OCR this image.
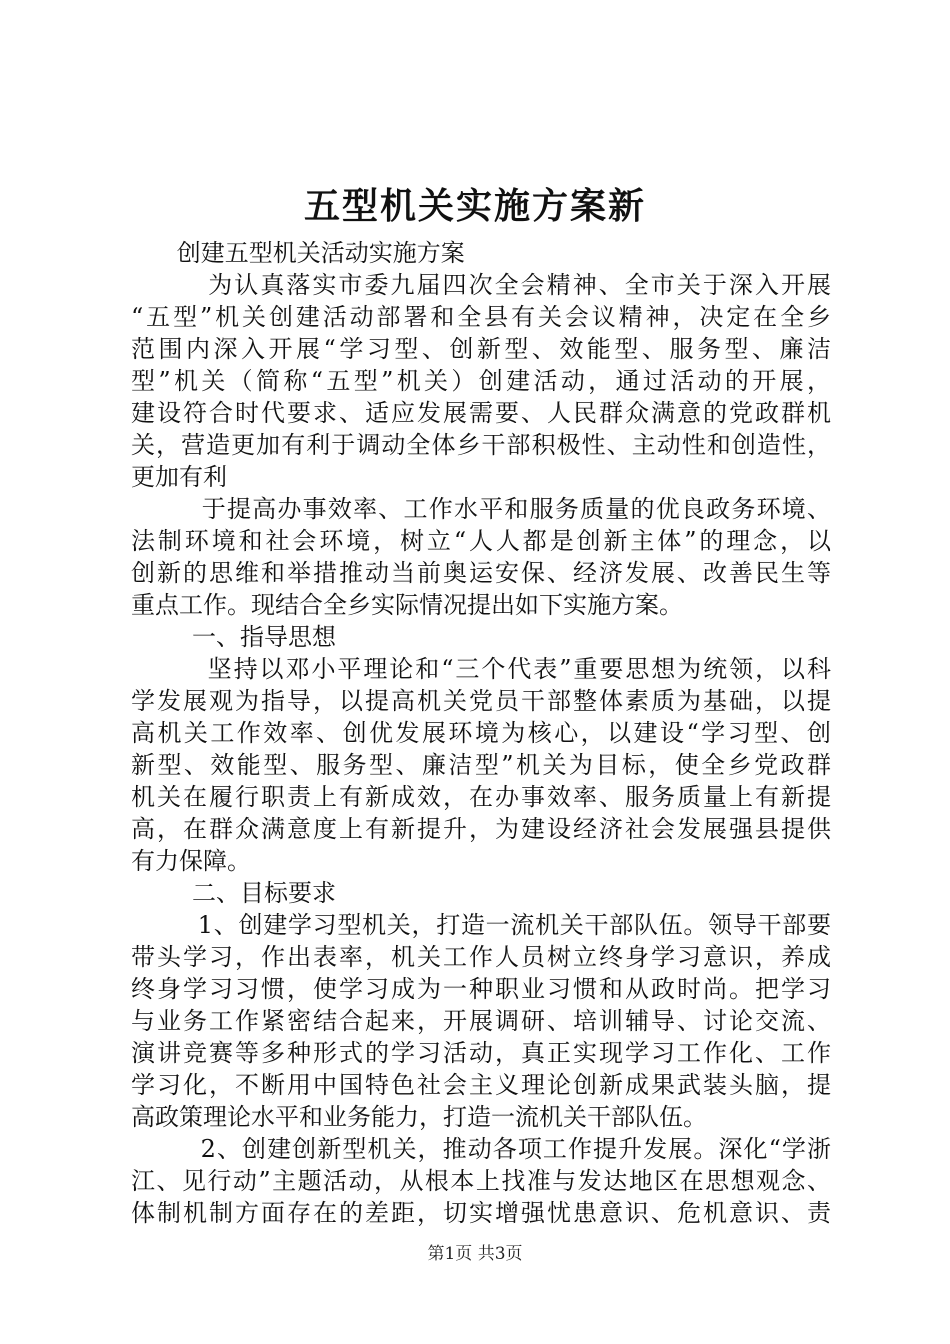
五型机关实施方案新
创建五型机关活动实施方案
为认真落实市委九届四次全会精神、全市关于深入开展
“五型”机关创建活动部署和全县有关会议精神，决定在全乡
范围内深入开展“学习型、创新型、效能型、服务型、廉洁
型”机关（简称“五型”机关）创建活动，通过活动的开展，
建设符合时代要求、适应发展需要、人民群众满意的党政群机
关，营造更加有利于调动全体乡干部积极性、主动性和创造性，
更加有利
于提高办事效率、工作水平和服务质量的优良政务环境、
法制环境和社会环境，树立“人人都是创新主体”的理念，以
创新的思维和举措推动当前奥运安保、经济发展、改善民生等
重点工作。现结合全乡实际情况提出如下实施方案。
一、指导思想
坚持以邓小平理论和“三个代表”重要思想为统领，以科
学发展观为指导，以提高机关党员干部整体素质为基础，以提
高机关工作效率、创优发展环境为核心，以建设“学习型、创
新型、效能型、服务型、廉洁型”机关为目标，使全乡党政群
机关在履行职责上有新成效，在办事效率、服务质量上有新提
高，在群众满意度上有新提升，为建设经济社会发展强县提供
有力保障。
二、目标要求
1、创建学习型机关，打造一流机关干部队伍。领导干部要
带头学习，作出表率，机关工作人员树立终身学习意识，养成
终身学习习惯，使学习成为一种职业习惯和从政时尚。把学习
与业务工作紧密结合起来，开展调研、培训辅导、讨论交流、
演讲竞赛等多种形式的学习活动，真正实现学习工作化、工作
学习化，不断用中国特色社会主义理论创新成果武装头脑，提
高政策理论水平和业务能力，打造一流机关干部队伍。
2、创建创新型机关，推动各项工作提升发展。深化“学浙
江、见行动”主题活动，从根本上找准与发达地区在思想观念、
体制机制方面存在的差距，切实增强忧患意识、危机意识、责
第1页 共3页
